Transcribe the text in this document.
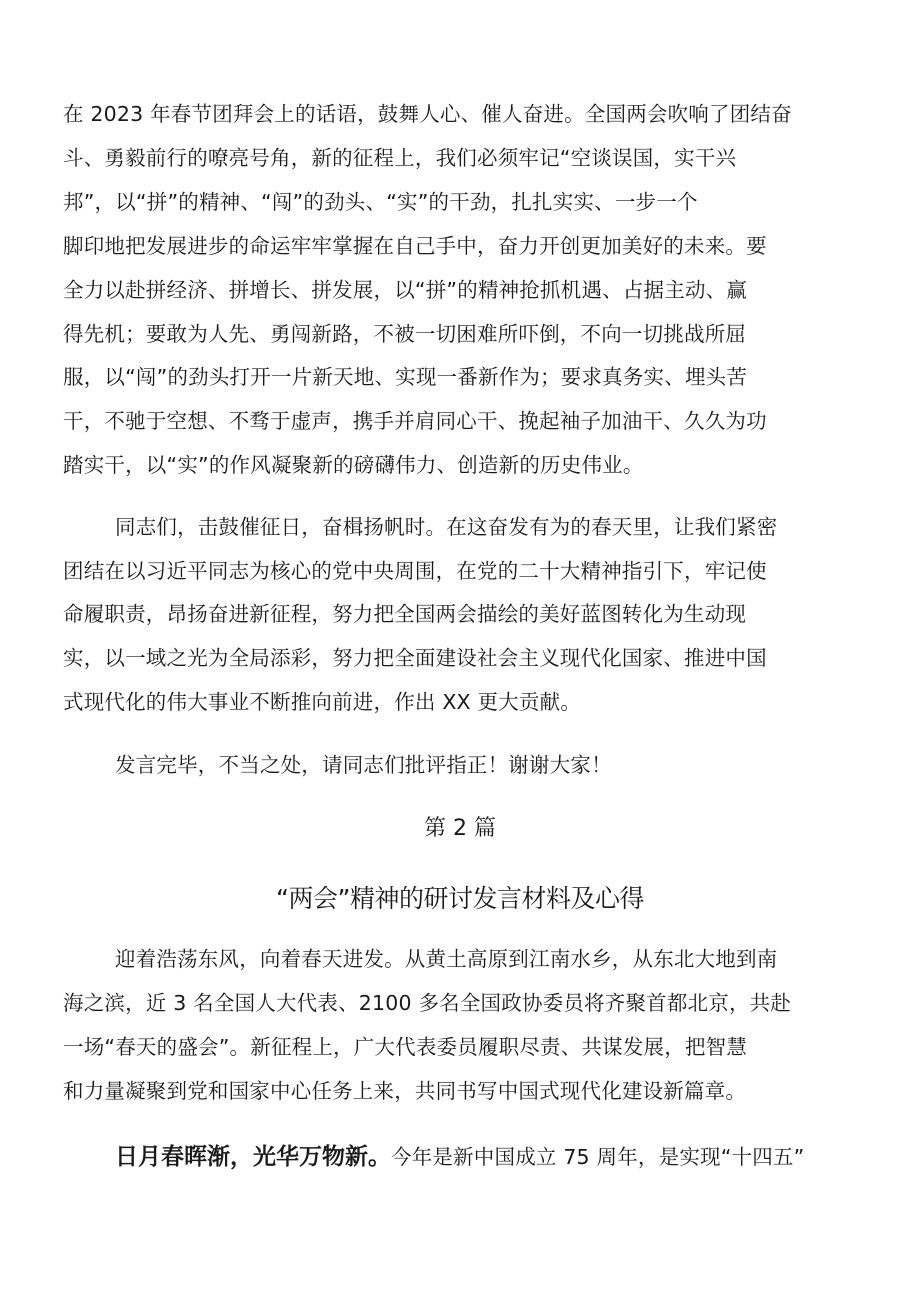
在 2023 年春节团拜会上的话语，鼓舞人心、催人奋进。全国两会吹响了团结奋
斗、勇毅前行的嘹亮号角，新的征程上，我们必须牢记“空谈误国，实干兴
邦”，以“拼”的精神、“闯”的劲头、“实”的干劲，扎扎实实、一步一个
脚印地把发展进步的命运牢牢掌握在自己手中，奋力开创更加美好的未来。要
全力以赴拼经济、拼增长、拼发展，以“拼”的精神抢抓机遇、占据主动、赢
得先机；要敢为人先、勇闯新路，不被一切困难所吓倒，不向一切挑战所屈
服，以“闯”的劲头打开一片新天地、实现一番新作为；要求真务实、埋头苦
干，不驰于空想、不骛于虚声，携手并肩同心干、挽起袖子加油干、久久为功
踏实干，以“实”的作风凝聚新的磅礴伟力、创造新的历史伟业。
同志们，击鼓催征日，奋楫扬帆时。在这奋发有为的春天里，让我们紧密
团结在以习近平同志为核心的党中央周围，在党的二十大精神指引下，牢记使
命履职责，昂扬奋进新征程，努力把全国两会描绘的美好蓝图转化为生动现
实，以一域之光为全局添彩，努力把全面建设社会主义现代化国家、推进中国
式现代化的伟大事业不断推向前进，作出 XX 更大贡献。
发言完毕，不当之处，请同志们批评指正！谢谢大家！
第 2 篇
“两会”精神的研讨发言材料及心得
迎着浩荡东风，向着春天进发。从黄土高原到江南水乡，从东北大地到南
海之滨，近 3 名全国人大代表、2100 多名全国政协委员将齐聚首都北京，共赴
一场“春天的盛会”。新征程上，广大代表委员履职尽责、共谋发展，把智慧
和力量凝聚到党和国家中心任务上来，共同书写中国式现代化建设新篇章。
日月春晖渐，光华万物新。今年是新中国成立 75 周年，是实现“十四五”
